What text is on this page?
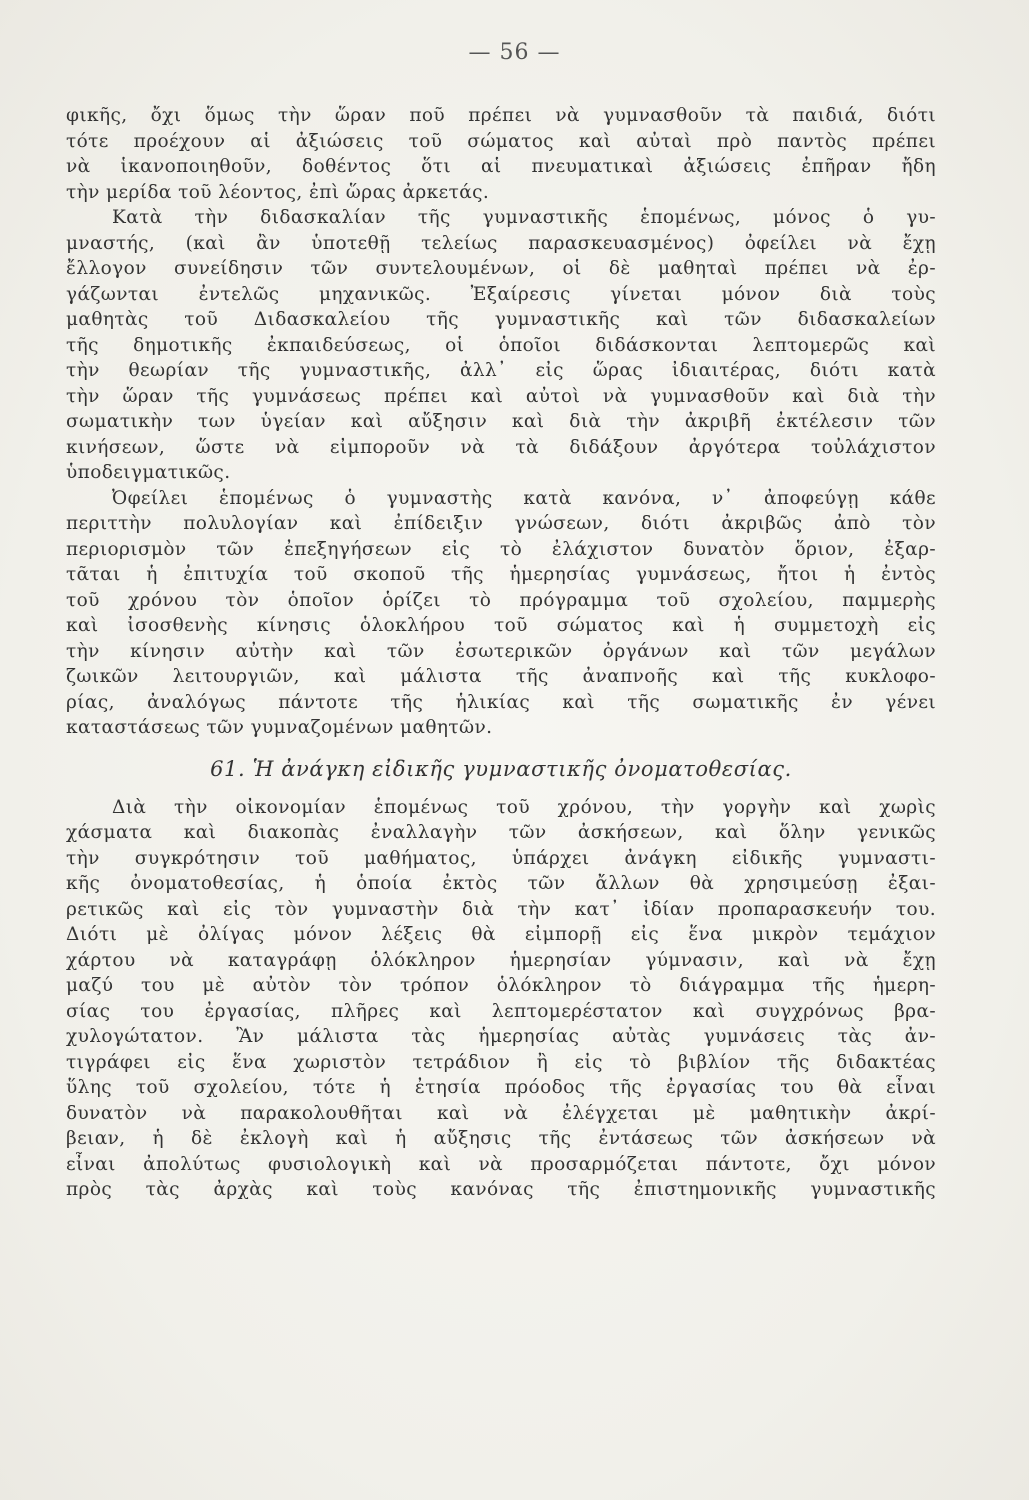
— 56 —
φικῆς, ὄχι ὅμως τὴν ὥραν ποῦ πρέπει νὰ γυμνασθοῦν τὰ παιδιά, διότι
τότε προέχουν αἱ ἀξιώσεις τοῦ σώματος καὶ αὐταὶ πρὸ παντὸς πρέπει
νὰ ἱκανοποιηθοῦν, δοθέντος ὅτι αἱ πνευματικαὶ ἀξιώσεις ἐπῆραν ἤδη
τὴν μερίδα τοῦ λέοντος, ἐπὶ ὥρας ἀρκετάς.
Κατὰ τὴν διδασκαλίαν τῆς γυμναστικῆς ἑπομένως, μόνος ὁ γυ-
μναστής, (καὶ ἂν ὑποτεθῇ τελείως παρασκευασμένος) ὀφείλει νὰ ἔχῃ
ἔλλογον συνείδησιν τῶν συντελουμένων, οἱ δὲ μαθηταὶ πρέπει νὰ ἐρ-
γάζωνται ἐντελῶς μηχανικῶς. Ἐξαίρεσις γίνεται μόνον διὰ τοὺς
μαθητὰς τοῦ Διδασκαλείου τῆς γυμναστικῆς καὶ τῶν διδασκαλείων
τῆς δημοτικῆς ἐκπαιδεύσεως, οἱ ὁποῖοι διδάσκονται λεπτομερῶς καὶ
τὴν θεωρίαν τῆς γυμναστικῆς, ἀλλ᾽ εἰς ὥρας ἰδιαιτέρας, διότι κατὰ
τὴν ὥραν τῆς γυμνάσεως πρέπει καὶ αὐτοὶ νὰ γυμνασθοῦν καὶ διὰ τὴν
σωματικὴν των ὑγείαν καὶ αὔξησιν καὶ διὰ τὴν ἀκριβῆ ἐκτέλεσιν τῶν
κινήσεων, ὥστε νὰ εἰμποροῦν νὰ τὰ διδάξουν ἀργότερα τοὐλάχιστον
ὑποδειγματικῶς.
Ὀφείλει ἑπομένως ὁ γυμναστὴς κατὰ κανόνα, ν᾽ ἀποφεύγῃ κάθε
περιττὴν πολυλογίαν καὶ ἐπίδειξιν γνώσεων, διότι ἀκριβῶς ἀπὸ τὸν
περιορισμὸν τῶν ἐπεξηγήσεων εἰς τὸ ἐλάχιστον δυνατὸν ὅριον, ἐξαρ-
τᾶται ἡ ἐπιτυχία τοῦ σκοποῦ τῆς ἡμερησίας γυμνάσεως, ἤτοι ἡ ἐντὸς
τοῦ χρόνου τὸν ὁποῖον ὁρίζει τὸ πρόγραμμα τοῦ σχολείου, παμμερὴς
καὶ ἰσοσθενὴς κίνησις ὁλοκλήρου τοῦ σώματος καὶ ἡ συμμετοχὴ εἰς
τὴν κίνησιν αὐτὴν καὶ τῶν ἐσωτερικῶν ὀργάνων καὶ τῶν μεγάλων
ζωικῶν λειτουργιῶν, καὶ μάλιστα τῆς ἀναπνοῆς καὶ τῆς κυκλοφο-
ρίας, ἀναλόγως πάντοτε τῆς ἡλικίας καὶ τῆς σωματικῆς ἐν γένει
καταστάσεως τῶν γυμναζομένων μαθητῶν.
61. Ἡ ἀνάγκη εἰδικῆς γυμναστικῆς ὀνοματοθεσίας.
Διὰ τὴν οἰκονομίαν ἑπομένως τοῦ χρόνου, τὴν γοργὴν καὶ χωρὶς
χάσματα καὶ διακοπὰς ἐναλλαγὴν τῶν ἀσκήσεων, καὶ ὅλην γενικῶς
τὴν συγκρότησιν τοῦ μαθήματος, ὑπάρχει ἀνάγκη εἰδικῆς γυμναστι-
κῆς ὀνοματοθεσίας, ἡ ὁποία ἐκτὸς τῶν ἄλλων θὰ χρησιμεύσῃ ἐξαι-
ρετικῶς καὶ εἰς τὸν γυμναστὴν διὰ τὴν κατ᾽ ἰδίαν προπαρασκευήν του.
Διότι μὲ ὀλίγας μόνον λέξεις θὰ εἰμπορῇ εἰς ἕνα μικρὸν τεμάχιον
χάρτου νὰ καταγράφῃ ὁλόκληρον ἡμερησίαν γύμνασιν, καὶ νὰ ἔχῃ
μαζύ του μὲ αὐτὸν τὸν τρόπον ὁλόκληρον τὸ διάγραμμα τῆς ἡμερη-
σίας του ἐργασίας, πλῆρες καὶ λεπτομερέστατον καὶ συγχρόνως βρα-
χυλογώτατον. Ἂν μάλιστα τὰς ἡμερησίας αὐτὰς γυμνάσεις τὰς ἀν-
τιγράφει εἰς ἕνα χωριστὸν τετράδιον ἢ εἰς τὸ βιβλίον τῆς διδακτέας
ὕλης τοῦ σχολείου, τότε ἡ ἐτησία πρόοδος τῆς ἐργασίας του θὰ εἶναι
δυνατὸν νὰ παρακολουθῆται καὶ νὰ ἐλέγχεται μὲ μαθητικὴν ἀκρί-
βειαν, ἡ δὲ ἐκλογὴ καὶ ἡ αὔξησις τῆς ἐντάσεως τῶν ἀσκήσεων νὰ
εἶναι ἀπολύτως φυσιολογικὴ καὶ νὰ προσαρμόζεται πάντοτε, ὄχι μόνον
πρὸς τὰς ἀρχὰς καὶ τοὺς κανόνας τῆς ἐπιστημονικῆς γυμναστικῆς
